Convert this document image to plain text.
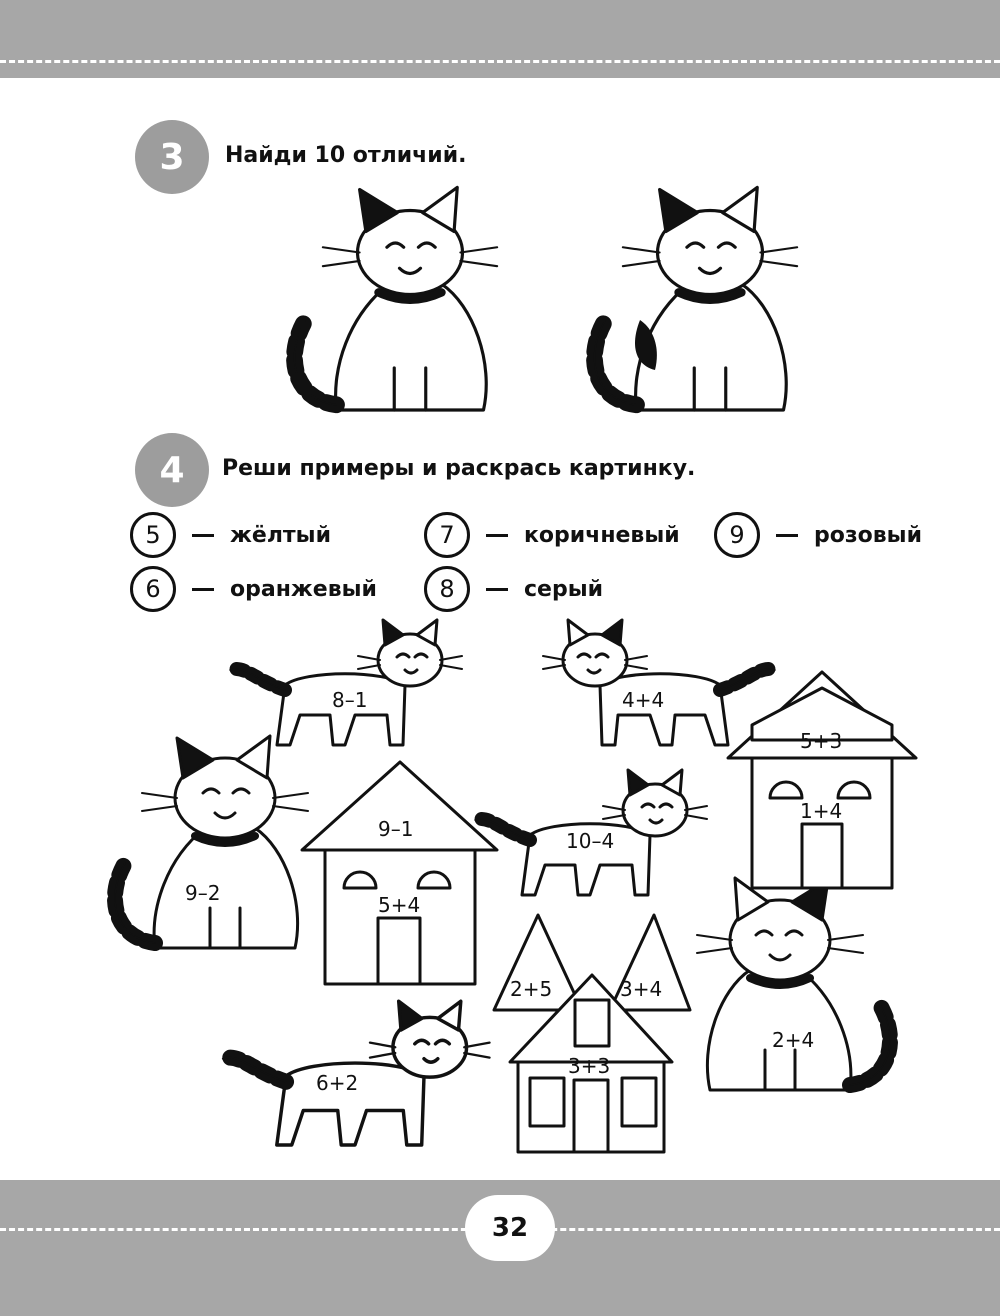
32
3	Найди 10 отличий.
4	Реши примеры и раскрась картинку.
5	жёлтый	7	коричневый	9	розовый
6	оранжевый	8	серый
8–1	4+4
5+3
1+4
9–2
9–1
5+4
10–4
2+5	3+4
3+3
6+2
2+4
